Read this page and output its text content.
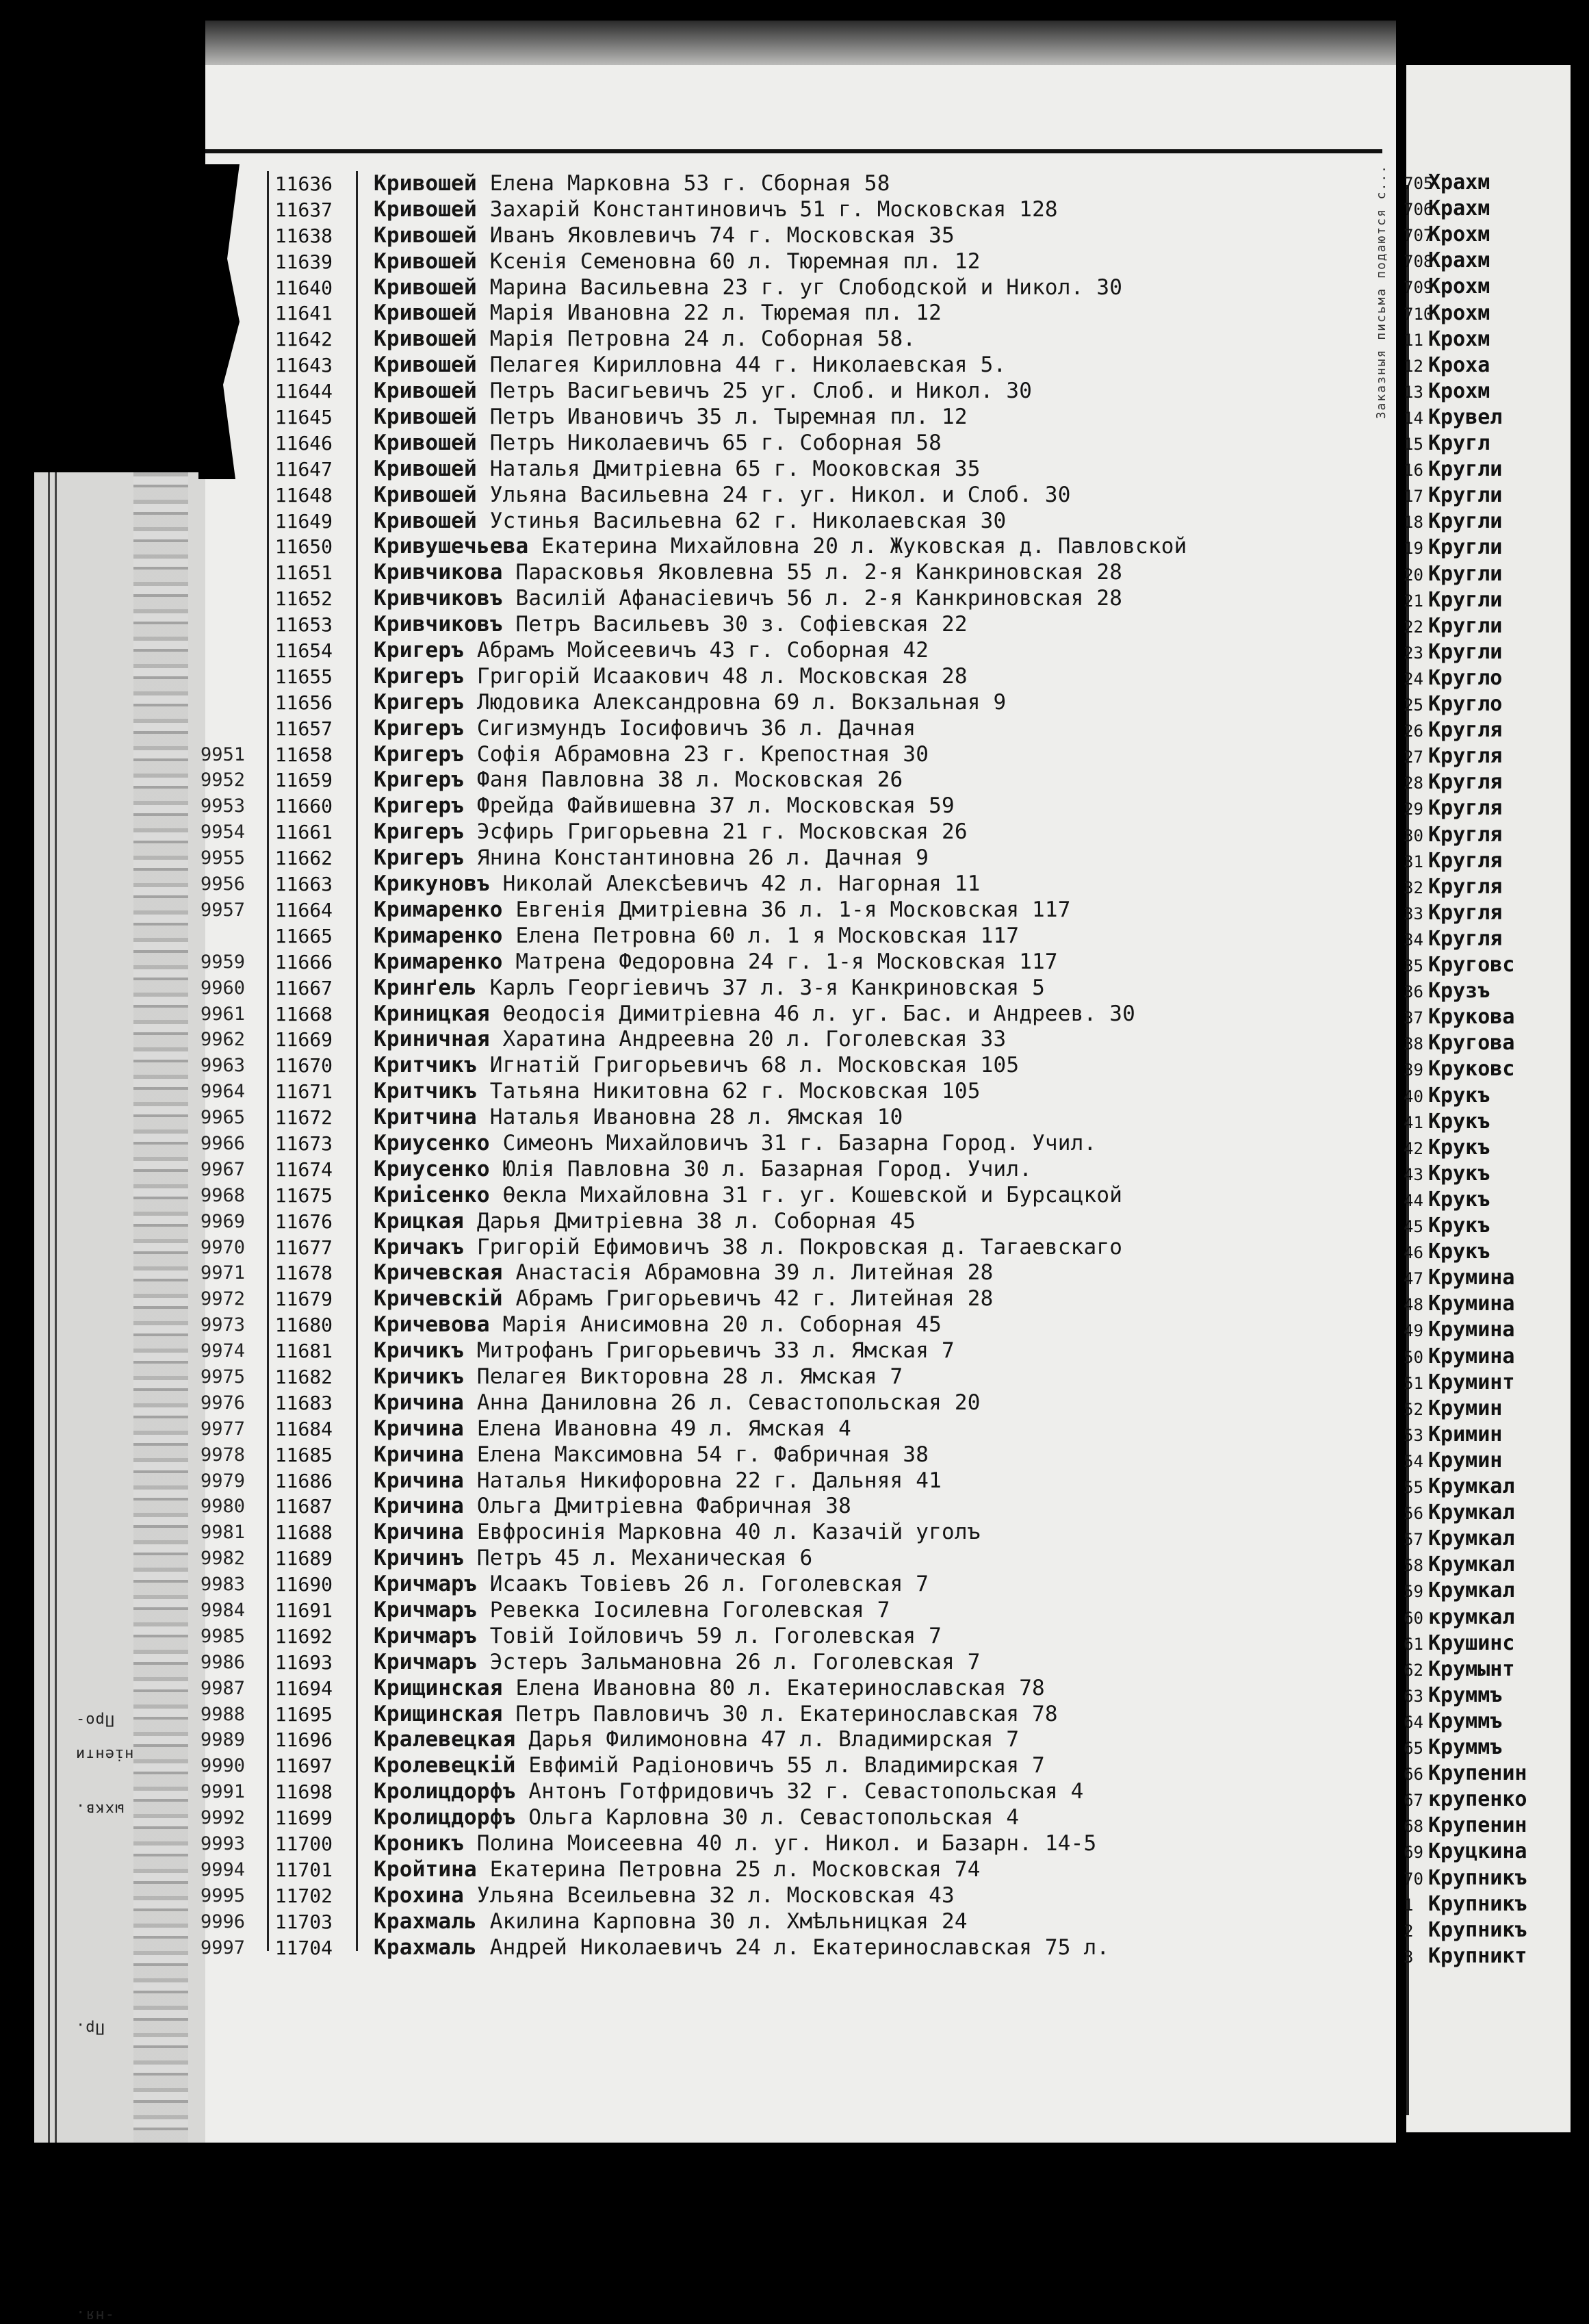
Про-
ніенти
Пр.
ыхкв.
-ня.
11636 Кривошей Елена Марковна 53 г. Сборная 58
11637 Кривошей Захарій Константиновичъ 51 г. Московская 128
11638 Кривошей Иванъ Яковлевичъ 74 г. Московская 35
11639 Кривошей Ксенія Семеновна 60 л. Тюремная пл. 12
11640 Кривошей Марина Васильевна 23 г. уг Слободской и Никол. 30
11641 Кривошей Марія Ивановна 22 л. Тюремая пл. 12
11642 Кривошей Марія Петровна 24 л. Соборная 58.
11643 Кривошей Пелагея Кирилловна 44 г. Николаевская 5.
11644 Кривошей Петръ Васигьевичъ 25 уг. Слоб. и Никол. 30
11645 Кривошей Петръ Ивановичъ 35 л. Тыремная пл. 12
11646 Кривошей Петръ Николаевичъ 65 г. Соборная 58
11647 Кривошей Наталья Дмитріевна 65 г. Мооковская 35
11648 Кривошей Ульяна Васильевна 24 г. уг. Никол. и Слоб. 30
11649 Кривошей Устинья Васильевна 62 г. Николаевская 30
11650 Кривушечьева Екатерина Михайловна 20 л. Жуковская д. Павловской
11651 Кривчикова Парасковья Яковлевна 55 л. 2-я Канкриновская 28
11652 Кривчиковъ Василій Афанасіевичъ 56 л. 2-я Канкриновская 28
11653 Кривчиковъ Петръ Васильевъ 30 з. Софіевская 22
11654 Кригеръ Абрамъ Мойсеевичъ 43 г. Соборная 42
11655 Кригеръ Григорій Исаакович 48 л. Московская 28
11656 Кригеръ Людовика Александровна 69 л. Вокзальная 9
11657 Кригеръ Сигизмундъ Іосифовичъ 36 л. Дачная
9951 11658 Кригеръ Софія Абрамовна 23 г. Крепостная 30
9952 11659 Кригеръ Фаня Павловна 38 л. Московская 26
9953 11660 Кригеръ Фрейда Файвишевна 37 л. Московская 59
9954 11661 Кригеръ Эсфирь Григорьевна 21 г. Московская 26
9955 11662 Кригеръ Янина Константиновна 26 л. Дачная 9
9956 11663 Крикуновъ Николай Алексѣевичъ 42 л. Нагорная 11
9957 11664 Кримаренко Евгенія Дмитріевна 36 л. 1-я Московская 117
11665 Кримаренко Елена Петровна 60 л. 1 я Московская 117
9959 11666 Кримаренко Матрена Федоровна 24 г. 1-я Московская 117
9960 11667 Кринґель Карлъ Георгіевичъ 37 л. 3-я Канкриновская 5
9961 11668 Криницкая Ѳеодосія Димитріевна 46 л. уг. Бас. и Андреев. 30
9962 11669 Криничная Харатина Андреевна 20 л. Гоголевская 33
9963 11670 Критчикъ Игнатій Григорьевичъ 68 л. Московская 105
9964 11671 Критчикъ Татьяна Никитовна 62 г. Московская 105
9965 11672 Критчина Наталья Ивановна 28 л. Ямская 10
9966 11673 Криусенко Симеонъ Михайловичъ 31 г. Базарна Город. Учил.
9967 11674 Криусенко Юлія Павловна 30 л. Базарная Город. Учил.
9968 11675 Криісенко Ѳекла Михайловна 31 г. уг. Кошевской и Бурсацкой
9969 11676 Крицкая Дарья Дмитріевна 38 л. Соборная 45
9970 11677 Кричакъ Григорій Ефимовичъ 38 л. Покровская д. Тагаевскаго
9971 11678 Кричевская Анастасія Абрамовна 39 л. Литейная 28
9972 11679 Кричевскій Абрамъ Григорьевичъ 42 г. Литейная 28
9973 11680 Кричевова Марія Анисимовна 20 л. Соборная 45
9974 11681 Кричикъ Митрофанъ Григорьевичъ 33 л. Ямская 7
9975 11682 Кричикъ Пелагея Викторовна 28 л. Ямская 7
9976 11683 Кричина Анна Даниловна 26 л. Севастопольская 20
9977 11684 Кричина Елена Ивановна 49 л. Ямская 4
9978 11685 Кричина Елена Максимовна 54 г. Фабричная 38
9979 11686 Кричина Наталья Никифоровна 22 г. Дальняя 41
9980 11687 Кричина Ольга Дмитріевна Фабричная 38
9981 11688 Кричина Евфросинія Марковна 40 л. Казачій уголъ
9982 11689 Кричинъ Петръ 45 л. Механическая 6
9983 11690 Кричмаръ Исаакъ Товіевъ 26 л. Гоголевская 7
9984 11691 Кричмаръ Ревекка Іосилевна Гоголевская 7
9985 11692 Кричмаръ Товій Іойловичъ 59 л. Гоголевская 7
9986 11693 Кричмаръ Эстеръ Зальмановна 26 л. Гоголевская 7
9987 11694 Крищинская Елена Ивановна 80 л. Екатеринославская 78
9988 11695 Крищинская Петръ Павловичъ 30 л. Екатеринославская 78
9989 11696 Кралевецкая Дарья Филимоновна 47 л. Владимирская 7
9990 11697 Кролевецкій Евфимій Радіоновичъ 55 л. Владимирская 7
9991 11698 Кролицдорфъ Антонъ Готфридовичъ 32 г. Севастопольская 4
9992 11699 Кролицдорфъ Ольга Карловна 30 л. Севастопольская 4
9993 11700 Кроникъ Полина Моисеевна 40 л. уг. Никол. и Базарн. 14-5
9994 11701 Кройтина Екатерина Петровна 25 л. Московская 74
9995 11702 Крохина Ульяна Всеильевна 32 л. Московская 43
9996 11703 Крахмаль Акилина Карповна 30 л. Хмѣльницкая 24
9997 11704 Крахмаль Андрей Николаевичъ 24 л. Екатеринославская 75 л.
Заказныя письма подаются с... 705Храхм
706Крахм
707Крохм
708Крахм
709Крохм
710Крохм
11 Крохм
12 Кроха
13 Крохм
14 Крувел
15 Кругл
16 Кругли
17 Кругли
18 Кругли
19 Кругли
20 Кругли
21 Кругли
22 Кругли
23 Кругли
24 Кругло
25 Кругло
26 Кругля
27 Кругля
28 Кругля
29 Кругля
30 Кругля
31 Кругля
32 Кругля
33 Кругля
34 Кругля
35 Круговс
36 Крузъ
37 Крукова
38 Кругова
39 Круковс
40 Крукъ
41 Крукъ
42 Крукъ
43 Крукъ
44 Крукъ
45 Крукъ
46 Крукъ
47 Крумина
48 Крумина
49 Крумина
50 Крумина
51 Круминт
52 Крумин
53 Кримин
54 Крумин
55 Крумкал
56 Крумкал
57 Крумкал
58 Крумкал
59 Крумкал
60 крумкал
61 Крушинс
62 Крумынт
63 Круммъ
64 Круммъ
65 Круммъ
66 Крупенин
67 крупенко
68 Крупенин
69 Круцкина
70 Крупникъ
1 Крупникъ
2 Крупникъ
3 Крупникт
